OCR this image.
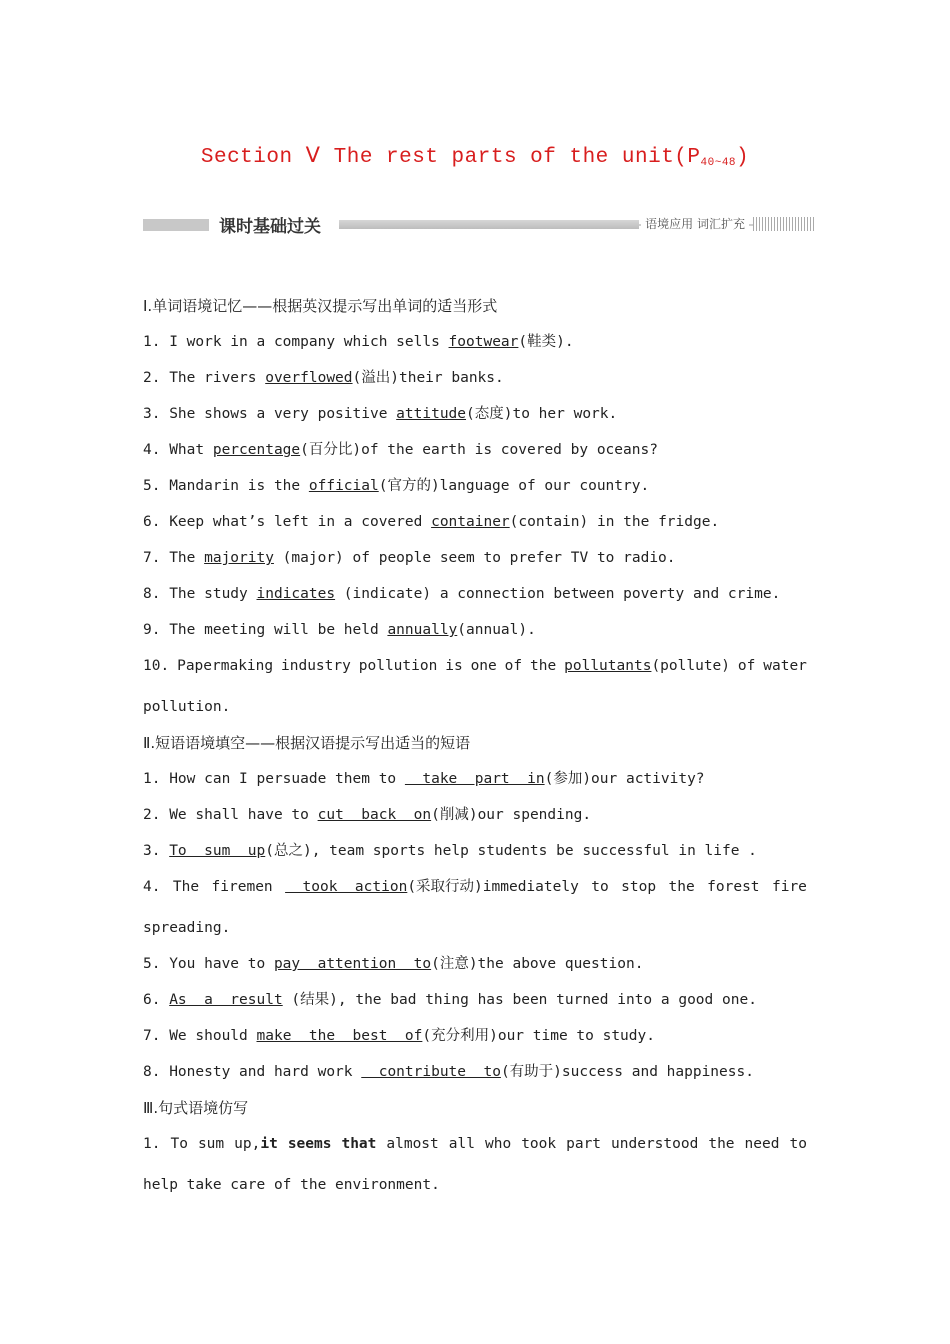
Section Ⅴ The rest parts of the $unit(P_{40\sim 48})$
课时基础过关	语境应用 词汇扩充
Ⅰ.单词语境记忆——根据英汉提示写出单词的适当形式
1. I work in a company which sells footwear(鞋类).
2. The rivers overflowed(溢出)their banks.
3. She shows a very positive attitude(态度)to her work.
4. What percentage(百分比)of the earth is covered by oceans?
5. Mandarin is the official(官方的)language of our country.
6. Keep what’s left in a covered container(contain) in the fridge.
7. The majority (major) of people seem to prefer TV to radio.
8. The study indicates (indicate) a connection between poverty and crime.
9. The meeting will be held annually(annual).
10. Papermaking industry pollution is one of the pollutants(pollute) of water
pollution.
Ⅱ.短语语境填空——根据汉语提示写出适当的短语
1. How can I persuade them to   take  part  in(参加)our activity?
2. We shall have to cut  back  on(削减)our spending.
3. To  sum  up(总之), team sports help students be successful in life .
4. The firemen took  action(采取行动)immediately to stop the forest fire
spreading.
5. You have to pay  attention  to(注意)the above question.
6. As  a  result (结果), the bad thing has been turned into a good one.
7. We should make  the  best  of(充分利用)our time to study.
8. Honesty and hard work   contribute  to(有助于)success and happiness.
Ⅲ.句式语境仿写
1. To sum up,it seems that almost all who took part understood the need to
help take care of the environment.
